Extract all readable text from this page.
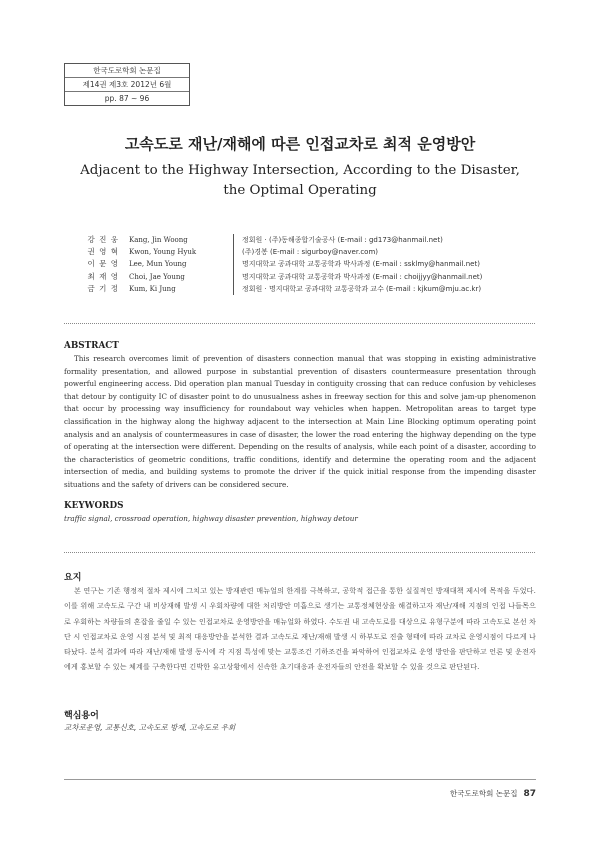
한국도로학회 논문집
제14권 제3호 2012년 6월
pp. 87 ~ 96
고속도로 재난/재해에 따른 인접교차로 최적 운영방안
Adjacent to the Highway Intersection, According to the Disaster,
the Optimal Operating
강 진 웅	Kang, Jin Woong	정회원 · (주)동해종합기술공사 (E-mail : gd173@hanmail.net)
권 영 혁	Kwon, Young Hyuk	(주)경봉 (E-mail : sigurboy@naver.com)
이 문 영	Lee, Mun Young	명지대학교 공과대학 교통공학과 박사과정 (E-mail : ssklmy@hanmail.net)
최 재 영	Choi, Jae Young	명지대학교 공과대학 교통공학과 박사과정 (E-mail : choijjyy@hanmail.net)
금 기 정	Kum, Ki Jung	정회원 · 명지대학교 공과대학 교통공학과 교수 (E-mail : kjkum@mju.ac.kr)
ABSTRACT

This research overcomes limit of prevention of disasters connection manual that was stopping in existing administrative formality presentation, and allowed purpose in substantial prevention of disasters countermeasure presentation through powerful engineering access. Did operation plan manual Tuesday in contiguity crossing that can reduce confusion by vehicleses that detour by contiguity IC of disaster point to do unusualness ashes in freeway section for this and solve jam-up phenomenon that occur by processing way insufficiency for roundabout way vehicles when happen. Metropolitan areas to target type classification in the highway along the highway adjacent to the intersection at Main Line Blocking optimum operating point analysis and an analysis of countermeasures in case of disaster, the lower the road entering the highway depending on the type of operating at the intersection were different. Depending on the results of analysis, while each point of a disaster, according to the characteristics of geometric conditions, traffic conditions, identify and determine the operating room and the adjacent intersection of media, and building systems to promote the driver if the quick initial response from the impending disaster situations and the safety of drivers can be considered secure.

KEYWORDS
traffic signal, crossroad operation, highway disaster prevention, highway detour
요지

본 연구는 기존 행정적 절차 제시에 그치고 있는 방재관련 매뉴얼의 한계를 극복하고, 공학적 접근을 통한 실질적인 방재대책 제시에 목적을 두었다. 이를 위해 고속도로 구간 내 비상재해 발생 시 우회차량에 대한 처리방안 미흡으로 생기는 교통정체현상을 해결하고자 재난/재해 지점의 인접 나들목으로 우회하는 차량들의 혼잡을 줄일 수 있는 인접교차로 운영방안을 매뉴얼화 하였다. 수도권 내 고속도로를 대상으로 유형구분에 따라 고속도로 본선 차단 시 인접교차로 운영 시점 분석 및 최적 대응방안을 분석한 결과 고속도로 재난/재해 발생 시 하부도로 진출 형태에 따라 교차로 운영시점이 다르게 나타났다. 분석 결과에 따라 재난/재해 발생 동시에 각 지점 특성에 맞는 교통조건 기하조건을 파악하여 인접교차로 운영 방안을 판단하고 언론 및 운전자에게 홍보할 수 있는 체계를 구축한다면 긴박한 유고상황에서 신속한 초기대응과 운전자들의 안전을 확보할 수 있을 것으로 판단된다.

핵심용어
교차로운영, 교통신호, 고속도로 방재, 고속도로 우회
한국도로학회 논문집 87
